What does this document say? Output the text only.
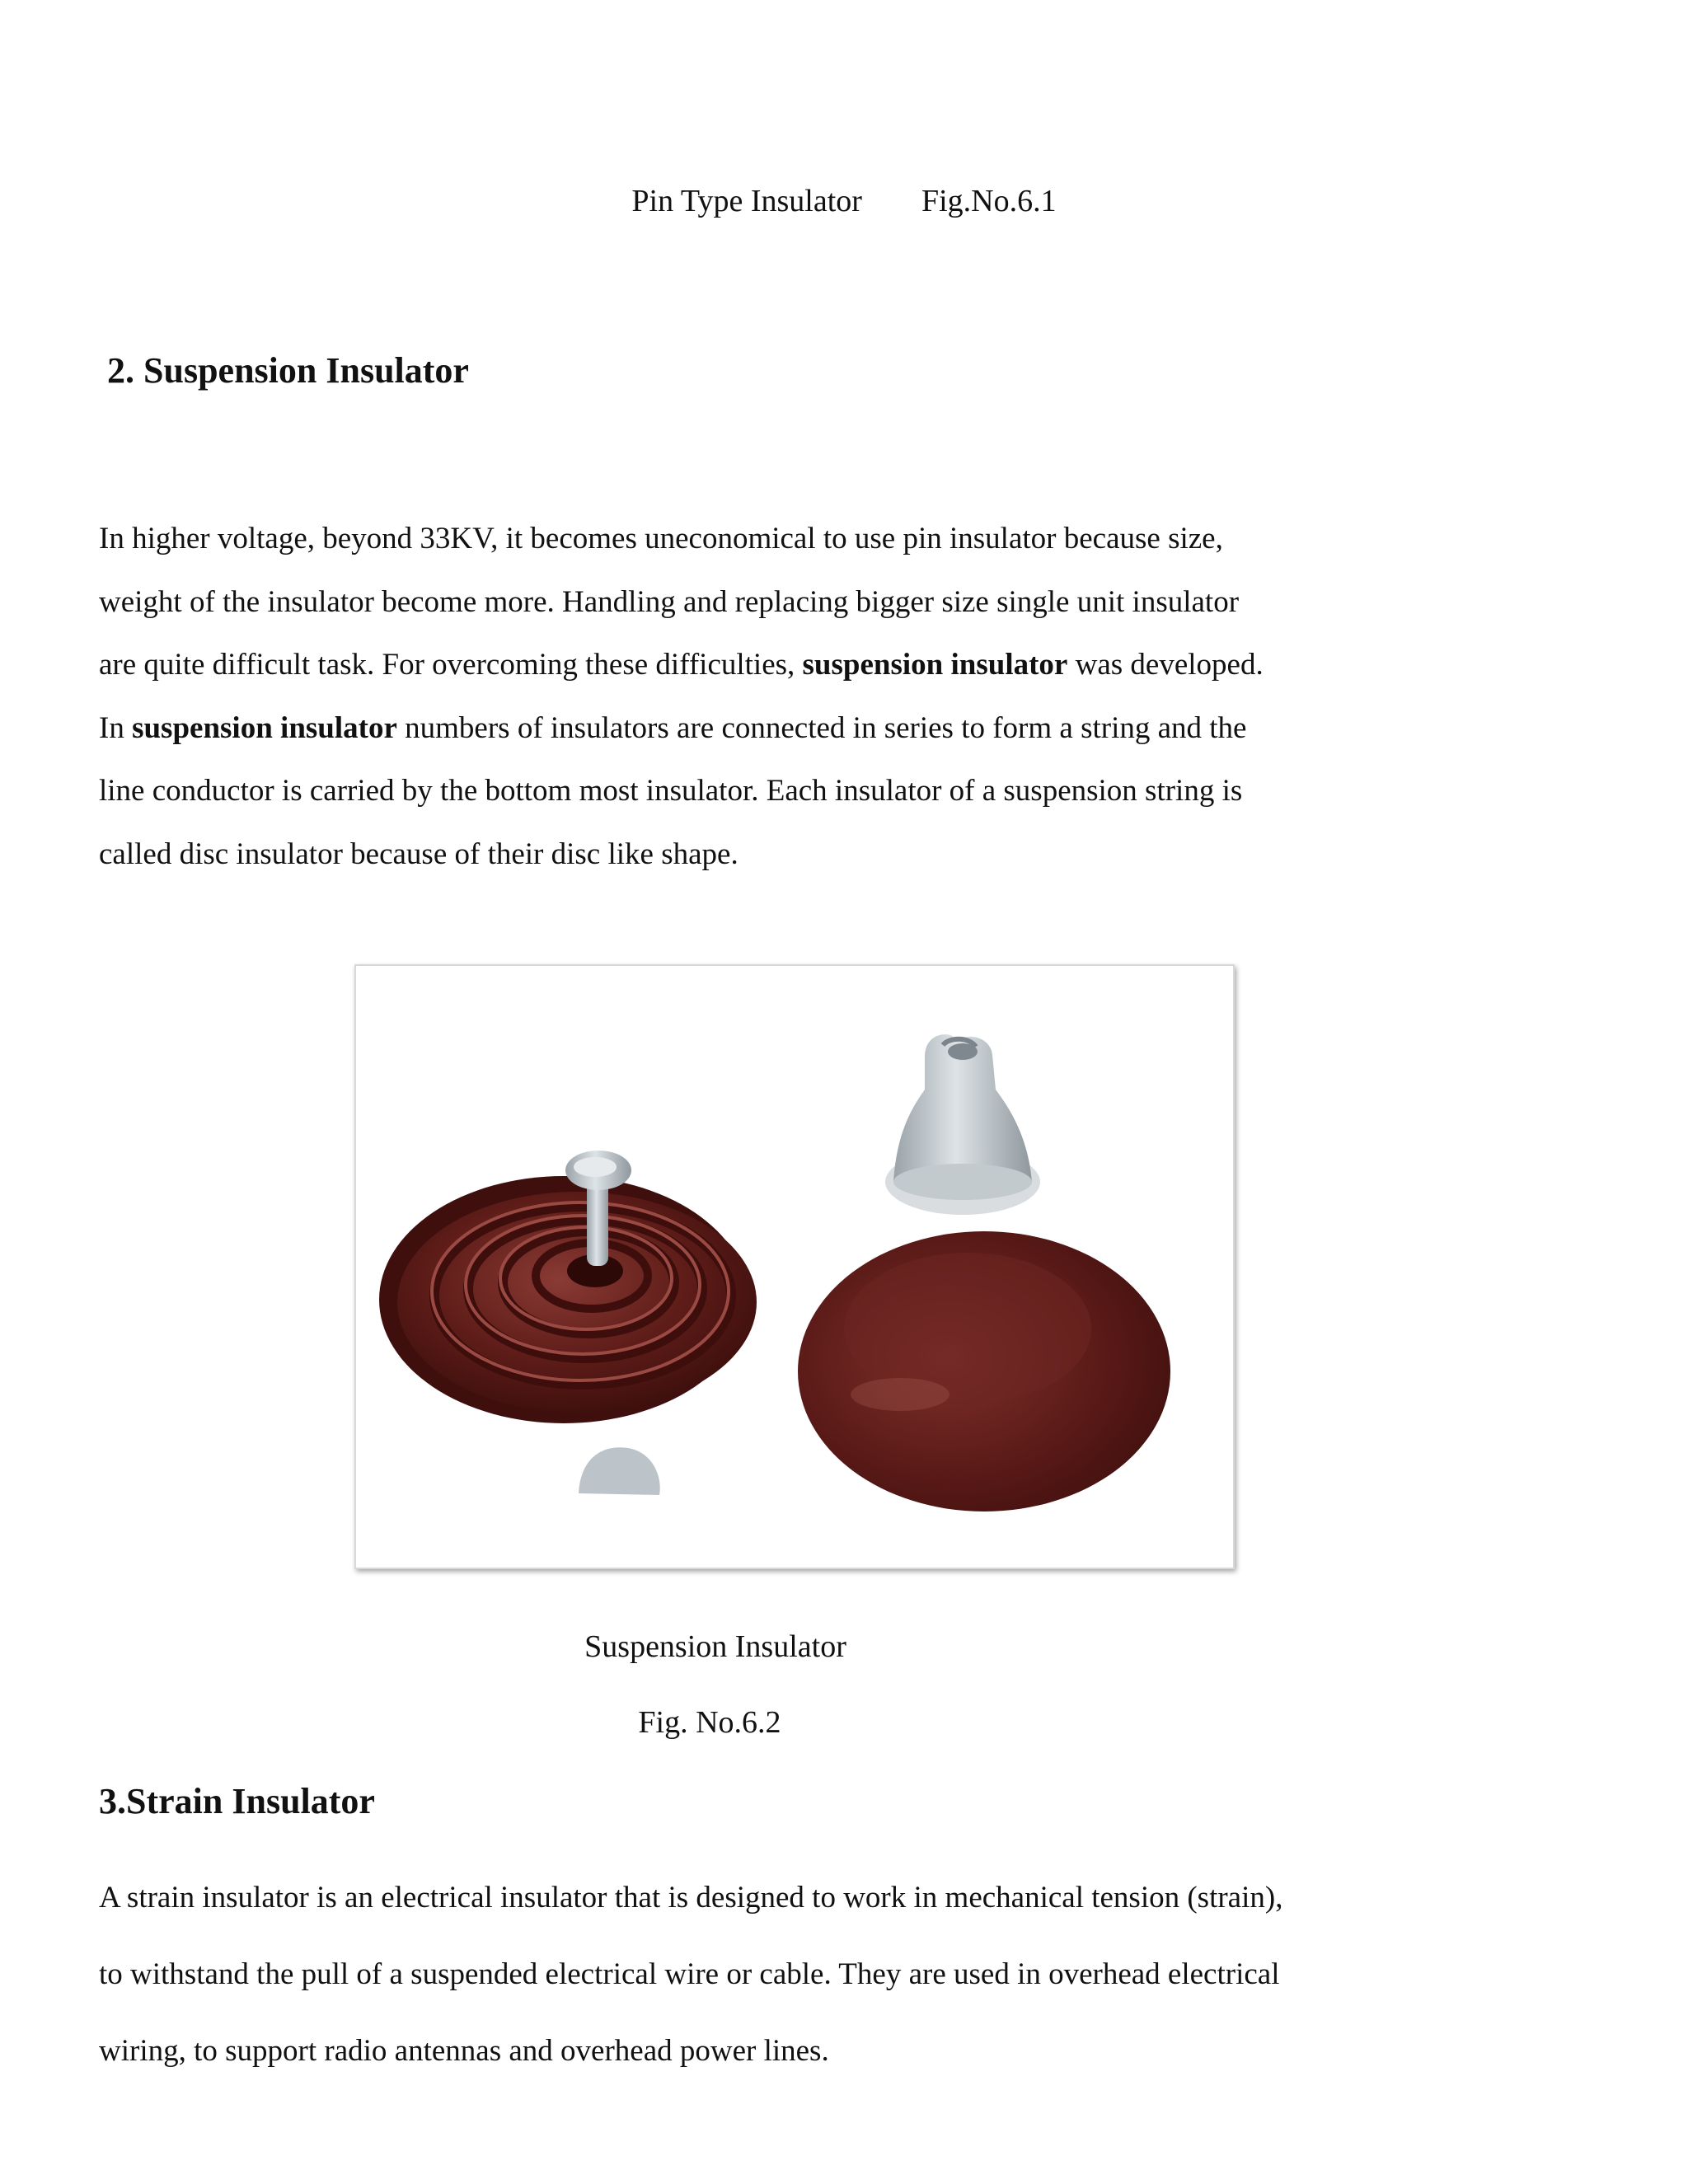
Pin Type Insulator Fig.No.6.1
2. Suspension Insulator

In higher voltage, beyond 33KV, it becomes uneconomical to use pin insulator because size,
weight of the insulator become more. Handling and replacing bigger size single unit insulator
are quite difficult task. For overcoming these difficulties, suspension insulator was developed.
In suspension insulator numbers of insulators are connected in series to form a string and the
line conductor is carried by the bottom most insulator. Each insulator of a suspension string is
called disc insulator because of their disc like shape.

Suspension Insulator
Fig. No.6.2
3.Strain Insulator

A strain insulator is an electrical insulator that is designed to work in mechanical tension (strain),
to withstand the pull of a suspended electrical wire or cable. They are used in overhead electrical
wiring, to support radio antennas and overhead power lines.
